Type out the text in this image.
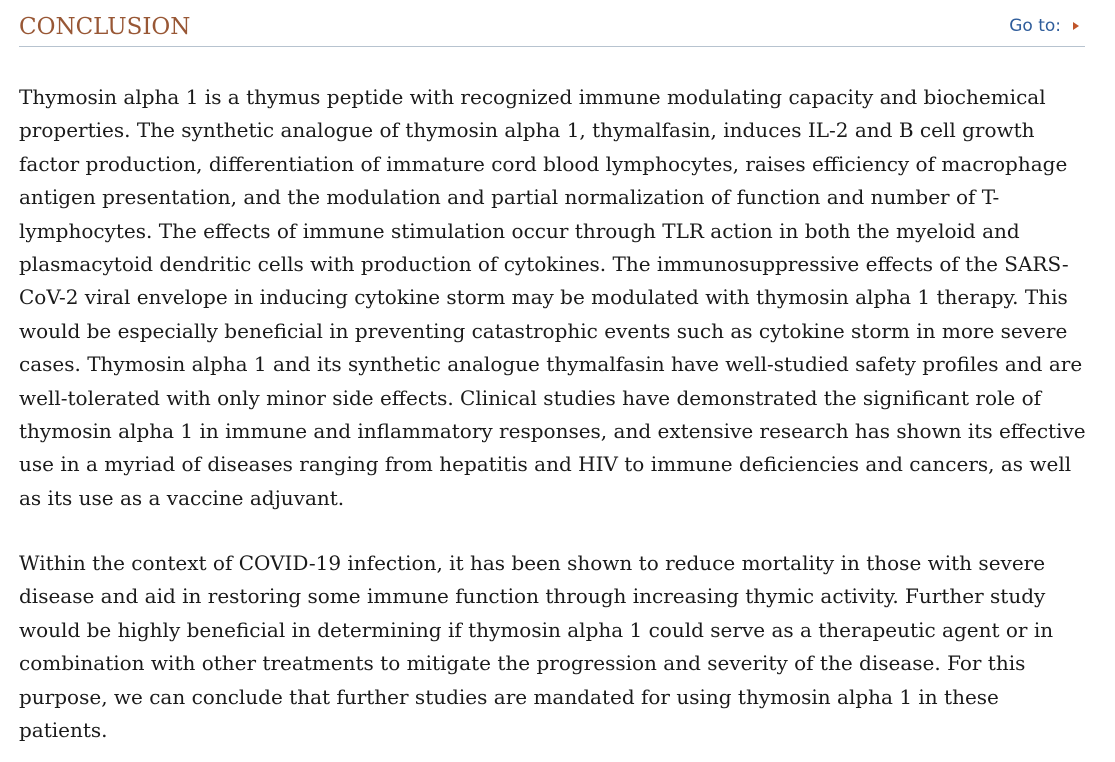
CONCLUSION	Go to:

Thymosin alpha 1 is a thymus peptide with recognized immune modulating capacity and biochemical properties. The synthetic analogue of thymosin alpha 1, thymalfasin, induces IL-2 and B cell growth factor production, differentiation of immature cord blood lymphocytes, raises efficiency of macrophage antigen presentation, and the modulation and partial normalization of function and number of T-lymphocytes. The effects of immune stimulation occur through TLR action in both the myeloid and plasmacytoid dendritic cells with production of cytokines. The immunosuppressive effects of the SARS-CoV-2 viral envelope in inducing cytokine storm may be modulated with thymosin alpha 1 therapy. This would be especially beneficial in preventing catastrophic events such as cytokine storm in more severe cases. Thymosin alpha 1 and its synthetic analogue thymalfasin have well-studied safety profiles and are well-tolerated with only minor side effects. Clinical studies have demonstrated the significant role of thymosin alpha 1 in immune and inflammatory responses, and extensive research has shown its effective use in a myriad of diseases ranging from hepatitis and HIV to immune deficiencies and cancers, as well as its use as a vaccine adjuvant.

Within the context of COVID-19 infection, it has been shown to reduce mortality in those with severe disease and aid in restoring some immune function through increasing thymic activity. Further study would be highly beneficial in determining if thymosin alpha 1 could serve as a therapeutic agent or in combination with other treatments to mitigate the progression and severity of the disease. For this purpose, we can conclude that further studies are mandated for using thymosin alpha 1 in these patients.
